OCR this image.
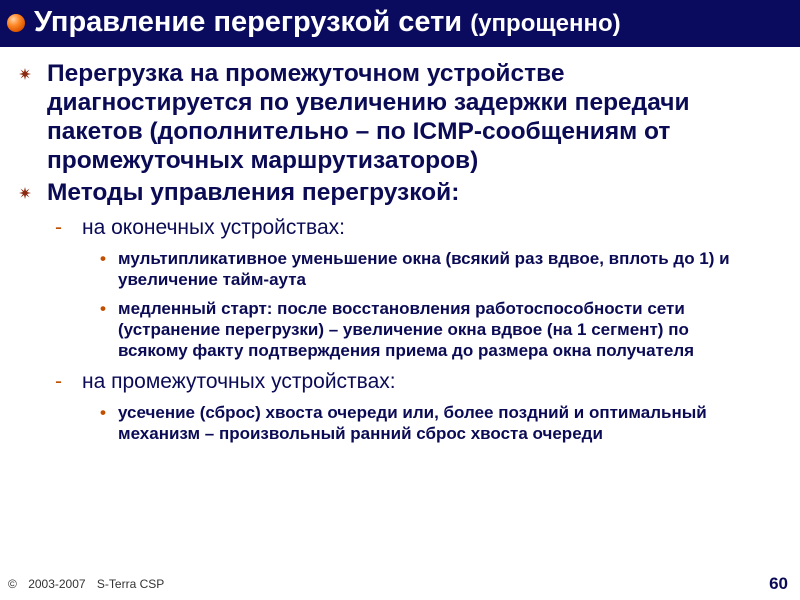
Управление перегрузкой сети (упрощенно)
Перегрузка на промежуточном устройстве диагностируется по увеличению задержки передачи пакетов (дополнительно – по ICMP-сообщениям от промежуточных маршрутизаторов)
Методы управления перегрузкой:
- на оконечных устройствах:
• мультипликативное уменьшение окна (всякий раз вдвое, вплоть до 1) и увеличение тайм-аута
• медленный старт: после восстановления работоспособности сети (устранение перегрузки) – увеличение окна вдвое (на 1 сегмент) по всякому факту подтверждения приема до размера окна получателя
- на промежуточных устройствах:
• усечение (сброс) хвоста очереди или, более поздний и оптимальный механизм – произвольный ранний сброс хвоста очереди
© 2003-2007 S-Terra CSP	60
